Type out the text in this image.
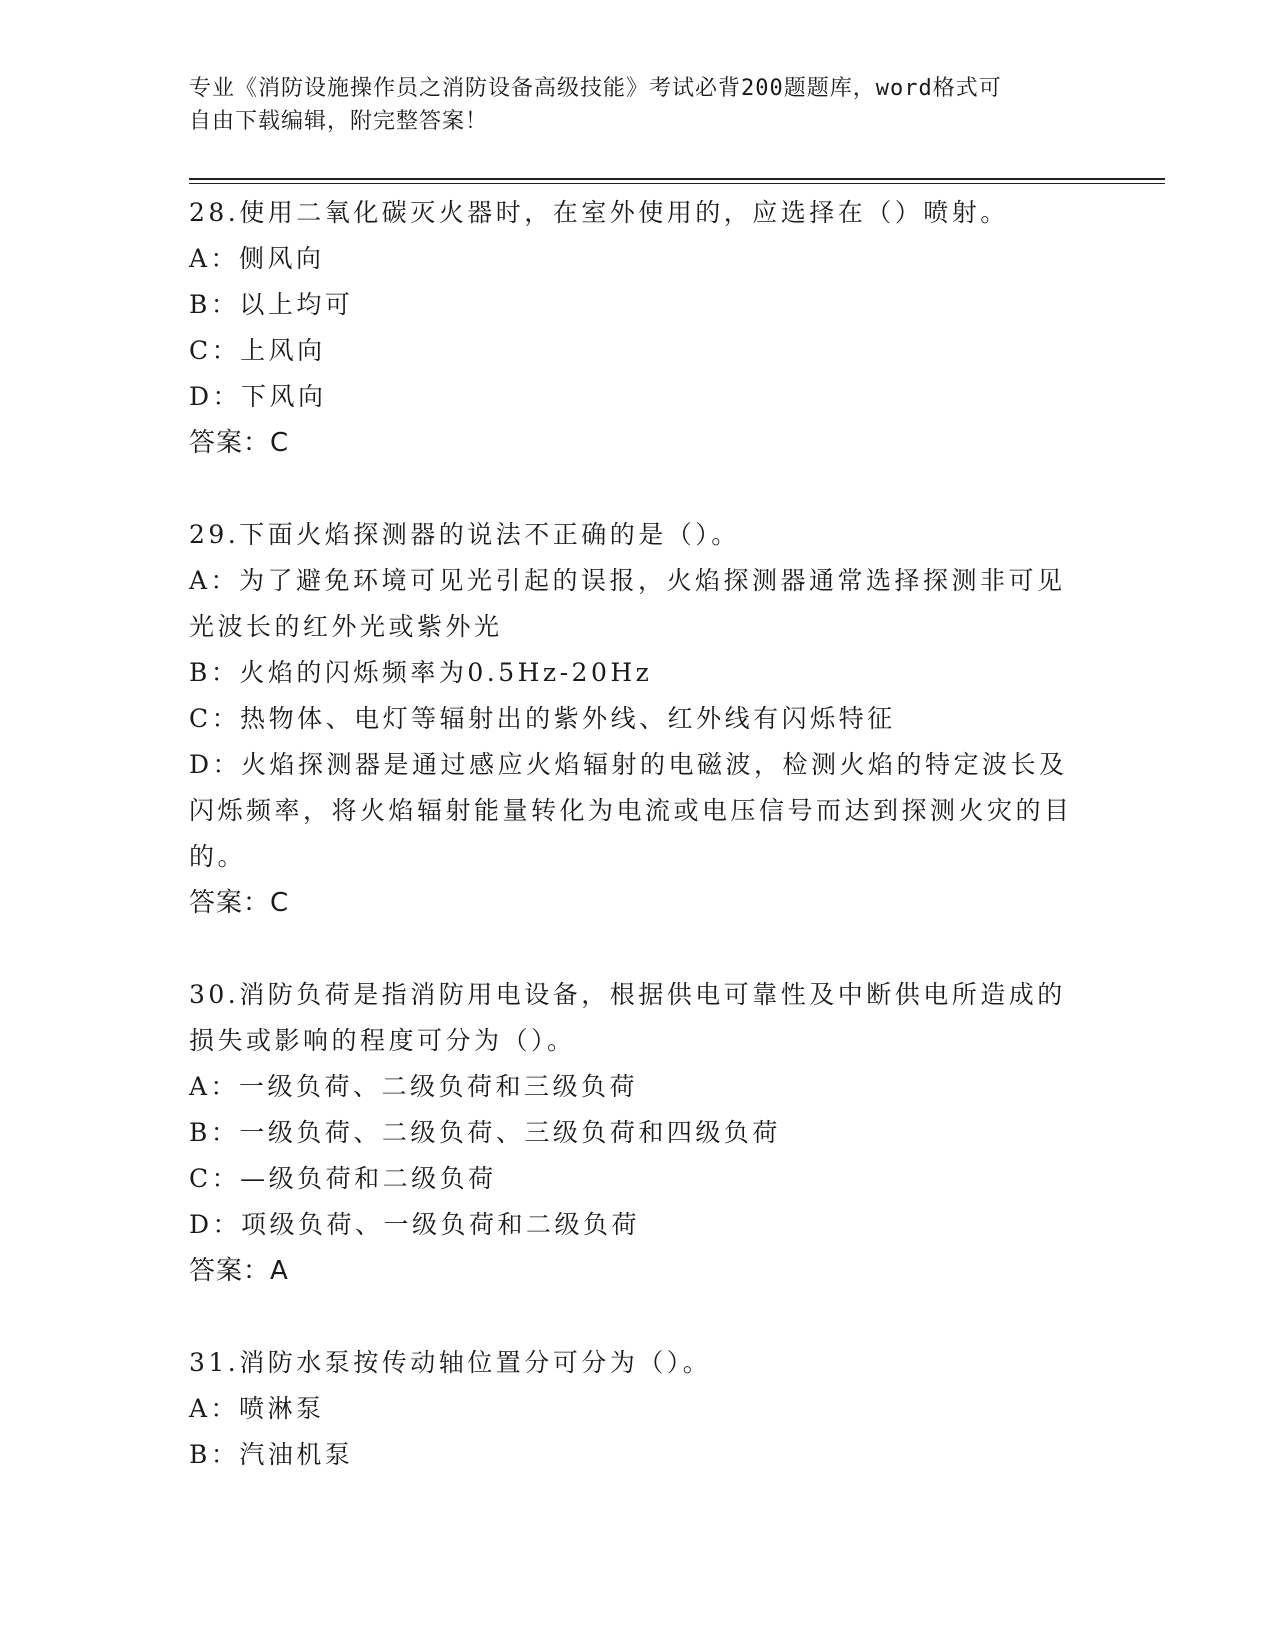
专业《消防设施操作员之消防设备高级技能》考试必背200题题库，word格式可
自由下载编辑，附完整答案！

28.使用二氧化碳灭火器时，在室外使用的，应选择在（）喷射。

A：侧风向

B：以上均可

C：上风向

D：下风向

答案：C

29.下面火焰探测器的说法不正确的是（）。

A：为了避免环境可见光引起的误报，火焰探测器通常选择探测非可见光波长的红外光或紫外光

B：火焰的闪烁频率为0.5Hz-20Hz

C：热物体、电灯等辐射出的紫外线、红外线有闪烁特征

D：火焰探测器是通过感应火焰辐射的电磁波，检测火焰的特定波长及闪烁频率，将火焰辐射能量转化为电流或电压信号而达到探测火灾的目的。

答案：C

30.消防负荷是指消防用电设备，根据供电可靠性及中断供电所造成的损失或影响的程度可分为（）。

A：一级负荷、二级负荷和三级负荷

B：一级负荷、二级负荷、三级负荷和四级负荷

C：—级负荷和二级负荷

D：项级负荷、一级负荷和二级负荷

答案：A

31.消防水泵按传动轴位置分可分为（）。

A：喷淋泵

B：汽油机泵
